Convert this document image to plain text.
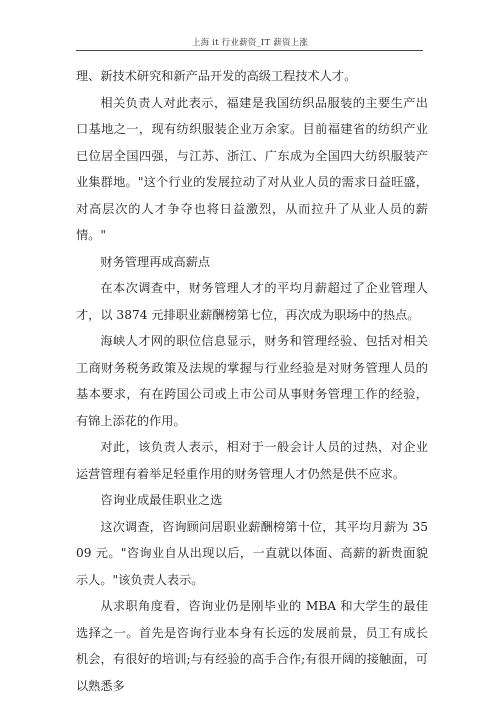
上海 it 行业薪资_IT 薪资上涨

理、新技术研究和新产品开发的高级工程技术人才。

相关负责人对此表示，福建是我国纺织品服装的主要生产出口基地之一，现有纺织服装企业万余家。目前福建省的纺织产业已位居全国四强，与江苏、浙江、广东成为全国四大纺织服装产业集群地。"这个行业的发展拉动了对从业人员的需求日益旺盛，对高层次的人才争夺也将日益激烈，从而拉升了从业人员的薪情。"

财务管理再成高薪点

在本次调查中，财务管理人才的平均月薪超过了企业管理人才，以 3874 元排职业薪酬榜第七位，再次成为职场中的热点。

海峡人才网的职位信息显示，财务和管理经验、包括对相关工商财务税务政策及法规的掌握与行业经验是对财务管理人员的基本要求，有在跨国公司或上市公司从事财务管理工作的经验，有锦上添花的作用。

对此，该负责人表示，相对于一般会计人员的过热，对企业运营管理有着举足轻重作用的财务管理人才仍然是供不应求。

咨询业成最佳职业之选

这次调查，咨询顾问居职业薪酬榜第十位，其平均月薪为 3509 元。"咨询业自从出现以后，一直就以体面、高薪的新贵面貌示人。"该负责人表示。

从求职角度看，咨询业仍是刚毕业的 MBA 和大学生的最佳选择之一。首先是咨询行业本身有长远的发展前景，员工有成长机会，有很好的培训;与有经验的高手合作;有很开阔的接触面，可以熟悉多
